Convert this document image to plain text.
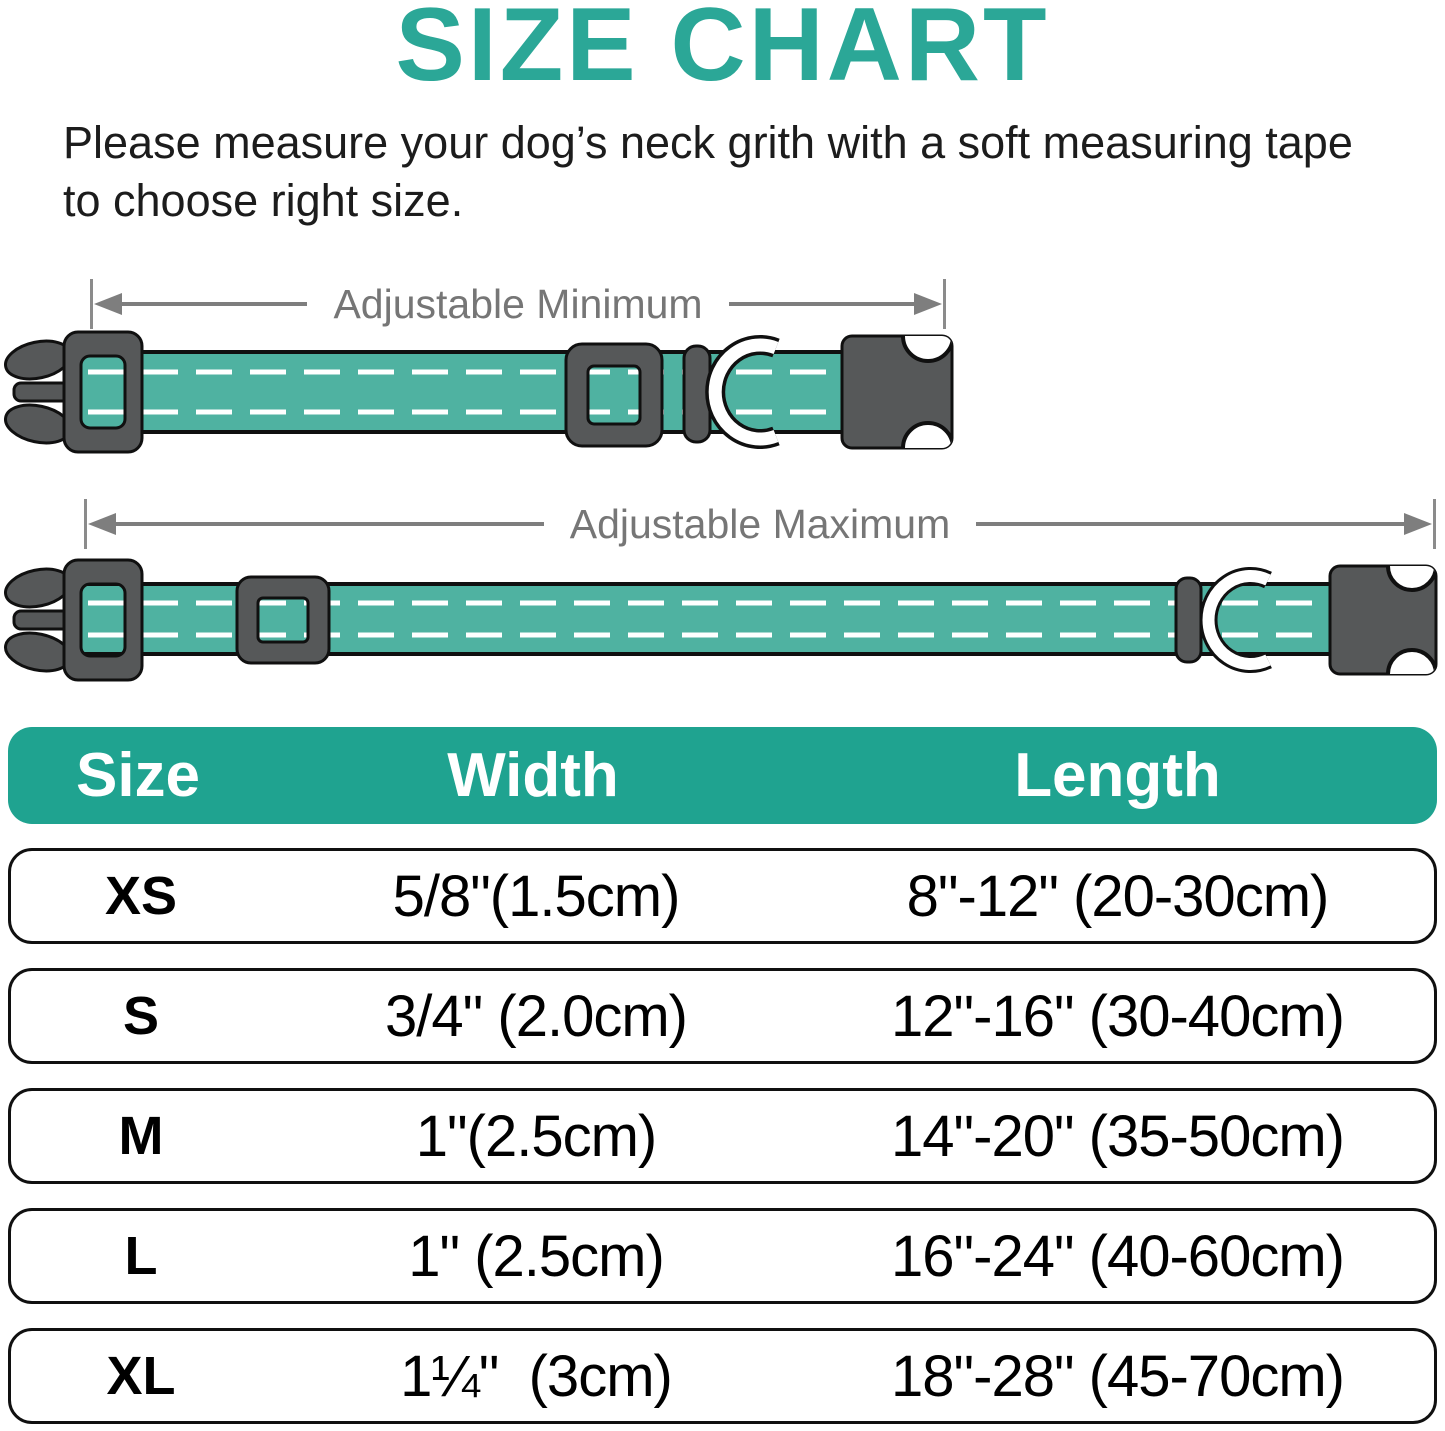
SIZE CHART

Please measure your dog’s neck grith with a soft measuring tape
to choose right size.

Adjustable Minimum
Adjustable Maximum
Size	Width	Length
XS	5/8"(1.5cm)	8"-12" (20-30cm)
S	3/4" (2.0cm)	12"-16" (30-40cm)
M	1"(2.5cm)	14"-20" (35-50cm)
L	1" (2.5cm)	16"-24" (40-60cm)
XL	1¼"  (3cm)	18"-28" (45-70cm)
